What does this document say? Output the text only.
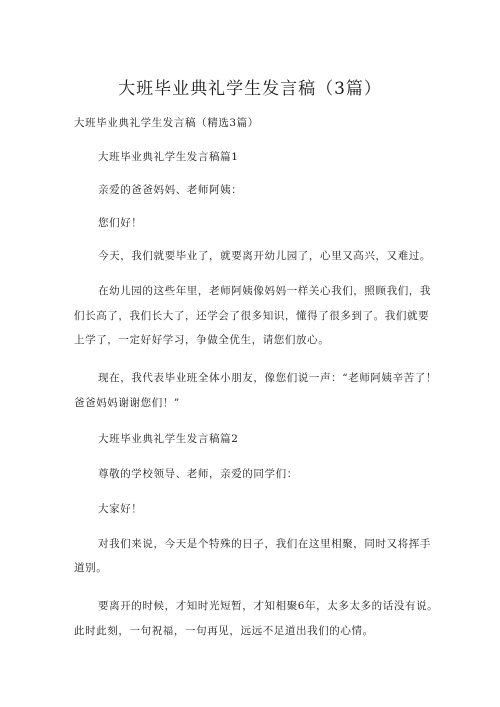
大班毕业典礼学生发言稿（3篇）
大班毕业典礼学生发言稿（精选3篇）
大班毕业典礼学生发言稿篇1
亲爱的爸爸妈妈、老师阿姨：
您们好！
今天，我们就要毕业了，就要离开幼儿园了，心里又高兴，又难过。
在幼儿园的这些年里，老师阿姨像妈妈一样关心我们，照顾我们，我
们长高了，我们长大了，还学会了很多知识，懂得了很多到了。我们就要
上学了，一定好好学习，争做全优生，请您们放心。
现在，我代表毕业班全体小朋友，像您们说一声：“老师阿姨辛苦了！
爸爸妈妈谢谢您们！”
大班毕业典礼学生发言稿篇2
尊敬的学校领导、老师，亲爱的同学们：
大家好！
对我们来说，今天是个特殊的日子，我们在这里相聚，同时又将挥手
道别。
要离开的时候，才知时光短暂，才知相聚6年，太多太多的话没有说。
此时此刻，一句祝福，一句再见，远远不足道出我们的心情。
